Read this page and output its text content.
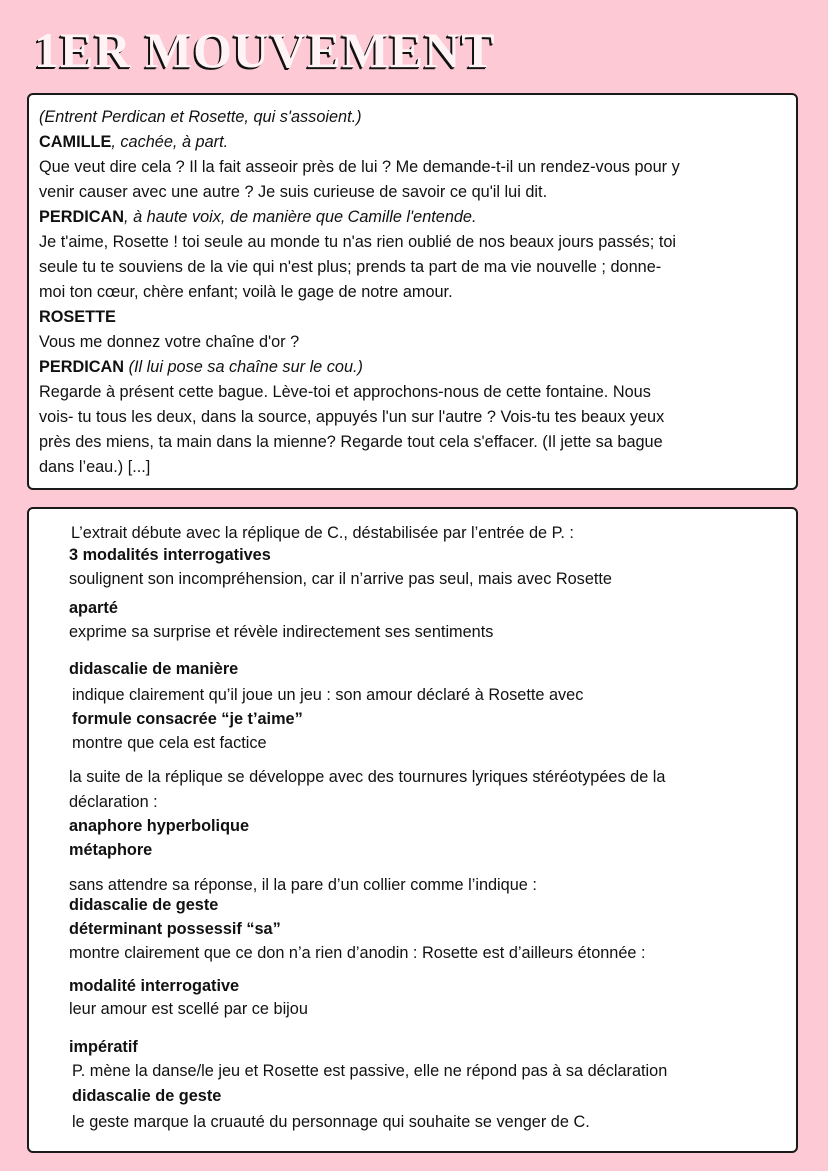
1ER MOUVEMENT
(Entrent Perdican et Rosette, qui s'assoient.)
CAMILLE, cachée, à part.
Que veut dire cela ? Il la fait asseoir près de lui ? Me demande-t-il un rendez-vous pour y
venir causer avec une autre ? Je suis curieuse de savoir ce qu'il lui dit.
PERDICAN, à haute voix, de manière que Camille l'entende.
Je t'aime, Rosette ! toi seule au monde tu n'as rien oublié de nos beaux jours passés; toi
seule tu te souviens de la vie qui n'est plus; prends ta part de ma vie nouvelle ; donne-
moi ton cœur, chère enfant; voilà le gage de notre amour.
ROSETTE
Vous me donnez votre chaîne d'or ?
PERDICAN (Il lui pose sa chaîne sur le cou.)
Regarde à présent cette bague. Lève-toi et approchons-nous de cette fontaine. Nous
vois- tu tous les deux, dans la source, appuyés l'un sur l'autre ? Vois-tu tes beaux yeux
près des miens, ta main dans la mienne? Regarde tout cela s'effacer. (Il jette sa bague
dans l’eau.) [...]
L’extrait débute avec la réplique de C., déstabilisée par l’entrée de P. :
3 modalités interrogatives
soulignent son incompréhension, car il n’arrive pas seul, mais avec Rosette
aparté
exprime sa surprise et révèle indirectement ses sentiments
didascalie de manière
indique clairement qu’il joue un jeu : son amour déclaré à Rosette avec
formule consacrée “je t’aime”
montre que cela est factice
la suite de la réplique se développe avec des tournures lyriques stéréotypées de la
déclaration :
anaphore hyperbolique
métaphore
sans attendre sa réponse, il la pare d’un collier comme l’indique :
didascalie de geste
déterminant possessif “sa”
montre clairement que ce don n’a rien d’anodin : Rosette est d’ailleurs étonnée :
modalité interrogative
leur amour est scellé par ce bijou
impératif
P. mène la danse/le jeu et Rosette est passive, elle ne répond pas à sa déclaration
didascalie de geste
le geste marque la cruauté du personnage qui souhaite se venger de C.
